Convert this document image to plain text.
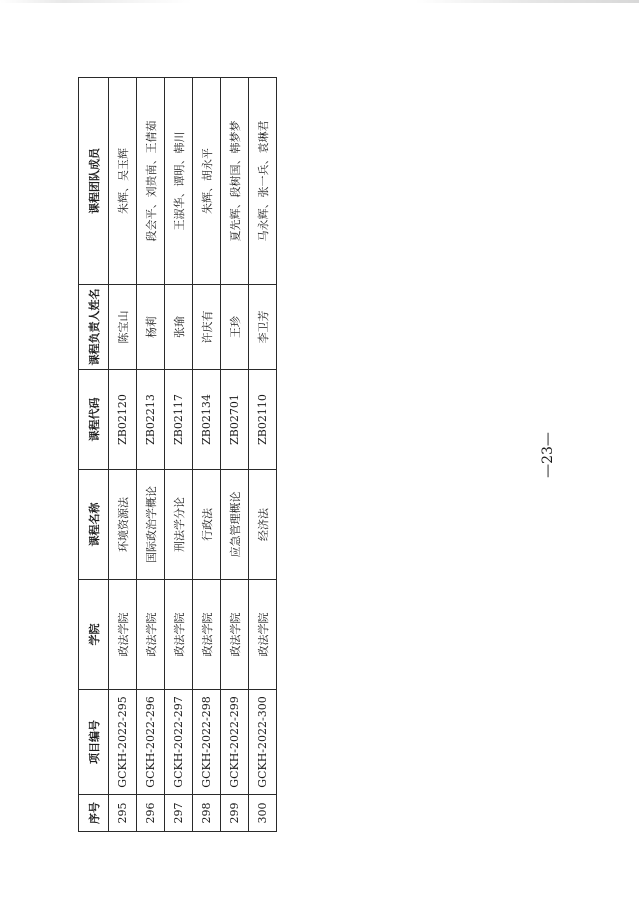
序号	项目编号	学院	课程名称	课程代码	课程负责人姓名	课程团队成员
295	GCKH-2022-295	政法学院	环境资源法	ZB02120	陈宝山	朱辉、吴玉辉
296	GCKH-2022-296	政法学院	国际政治学概论	ZB02213	杨莉	段会平、刘贵南、王倩茹
297	GCKH-2022-297	政法学院	刑法学分论	ZB02117	张瑜	王淑华、谭明、韩川
298	GCKH-2022-298	政法学院	行政法	ZB02134	许庆有	朱辉、胡永平
299	GCKH-2022-299	政法学院	应急管理概论	ZB02701	王珍	夏先辉、段树国、韩梦梦
300	GCKH-2022-300	政法学院	经济法	ZB02110	李卫芳	马永辉、张一兵、袁琳君
—23—
